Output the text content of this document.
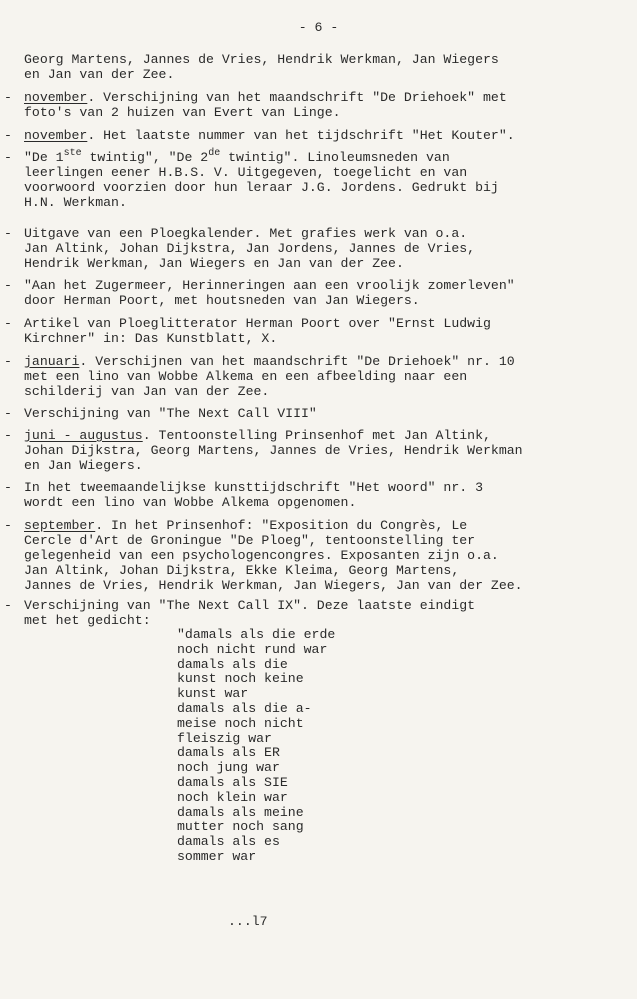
- 6 -
Georg Martens, Jannes de Vries, Hendrik Werkman, Jan Wiegers
en Jan van der Zee.
- november. Verschijning van het maandschrift "De Driehoek" met
foto's van 2 huizen van Evert van Linge.
- november. Het laatste nummer van het tijdschrift "Het Kouter".
- "De 1ste twintig", "De 2de twintig". Linoleumsneden van
leerlingen eener H.B.S. V. Uitgegeven, toegelicht en van
voorwoord voorzien door hun leraar J.G. Jordens. Gedrukt bij
H.N. Werkman.
- Uitgave van een Ploegkalender. Met grafies werk van o.a.
Jan Altink, Johan Dijkstra, Jan Jordens, Jannes de Vries,
Hendrik Werkman, Jan Wiegers en Jan van der Zee.
- "Aan het Zugermeer, Herinneringen aan een vroolijk zomerleven"
door Herman Poort, met houtsneden van Jan Wiegers.
- Artikel van Ploeglitterator Herman Poort over "Ernst Ludwig
Kirchner" in: Das Kunstblatt, X.
- januari. Verschijnen van het maandschrift "De Driehoek" nr. 10
met een lino van Wobbe Alkema en een afbeelding naar een
schilderij van Jan van der Zee.
- Verschijning van "The Next Call VIII"
- juni - augustus. Tentoonstelling Prinsenhof met Jan Altink,
Johan Dijkstra, Georg Martens, Jannes de Vries, Hendrik Werkman
en Jan Wiegers.
- In het tweemaandelijkse kunsttijdschrift "Het woord" nr. 3
wordt een lino van Wobbe Alkema opgenomen.
- september. In het Prinsenhof: "Exposition du Congrès, Le
Cercle d'Art de Groningue "De Ploeg", tentoonstelling ter
gelegenheid van een psychologencongres. Exposanten zijn o.a.
Jan Altink, Johan Dijkstra, Ekke Kleima, Georg Martens,
Jannes de Vries, Hendrik Werkman, Jan Wiegers, Jan van der Zee.
- Verschijning van "The Next Call IX". Deze laatste eindigt
met het gedicht:
"damals als die erde
noch nicht rund war
damals als die
kunst noch keine
kunst war
damals als die a-
meise noch nicht
fleiszig war
damals als ER
noch jung war
damals als SIE
noch klein war
damals als meine
mutter noch sang
damals als es
sommer war
...l7
